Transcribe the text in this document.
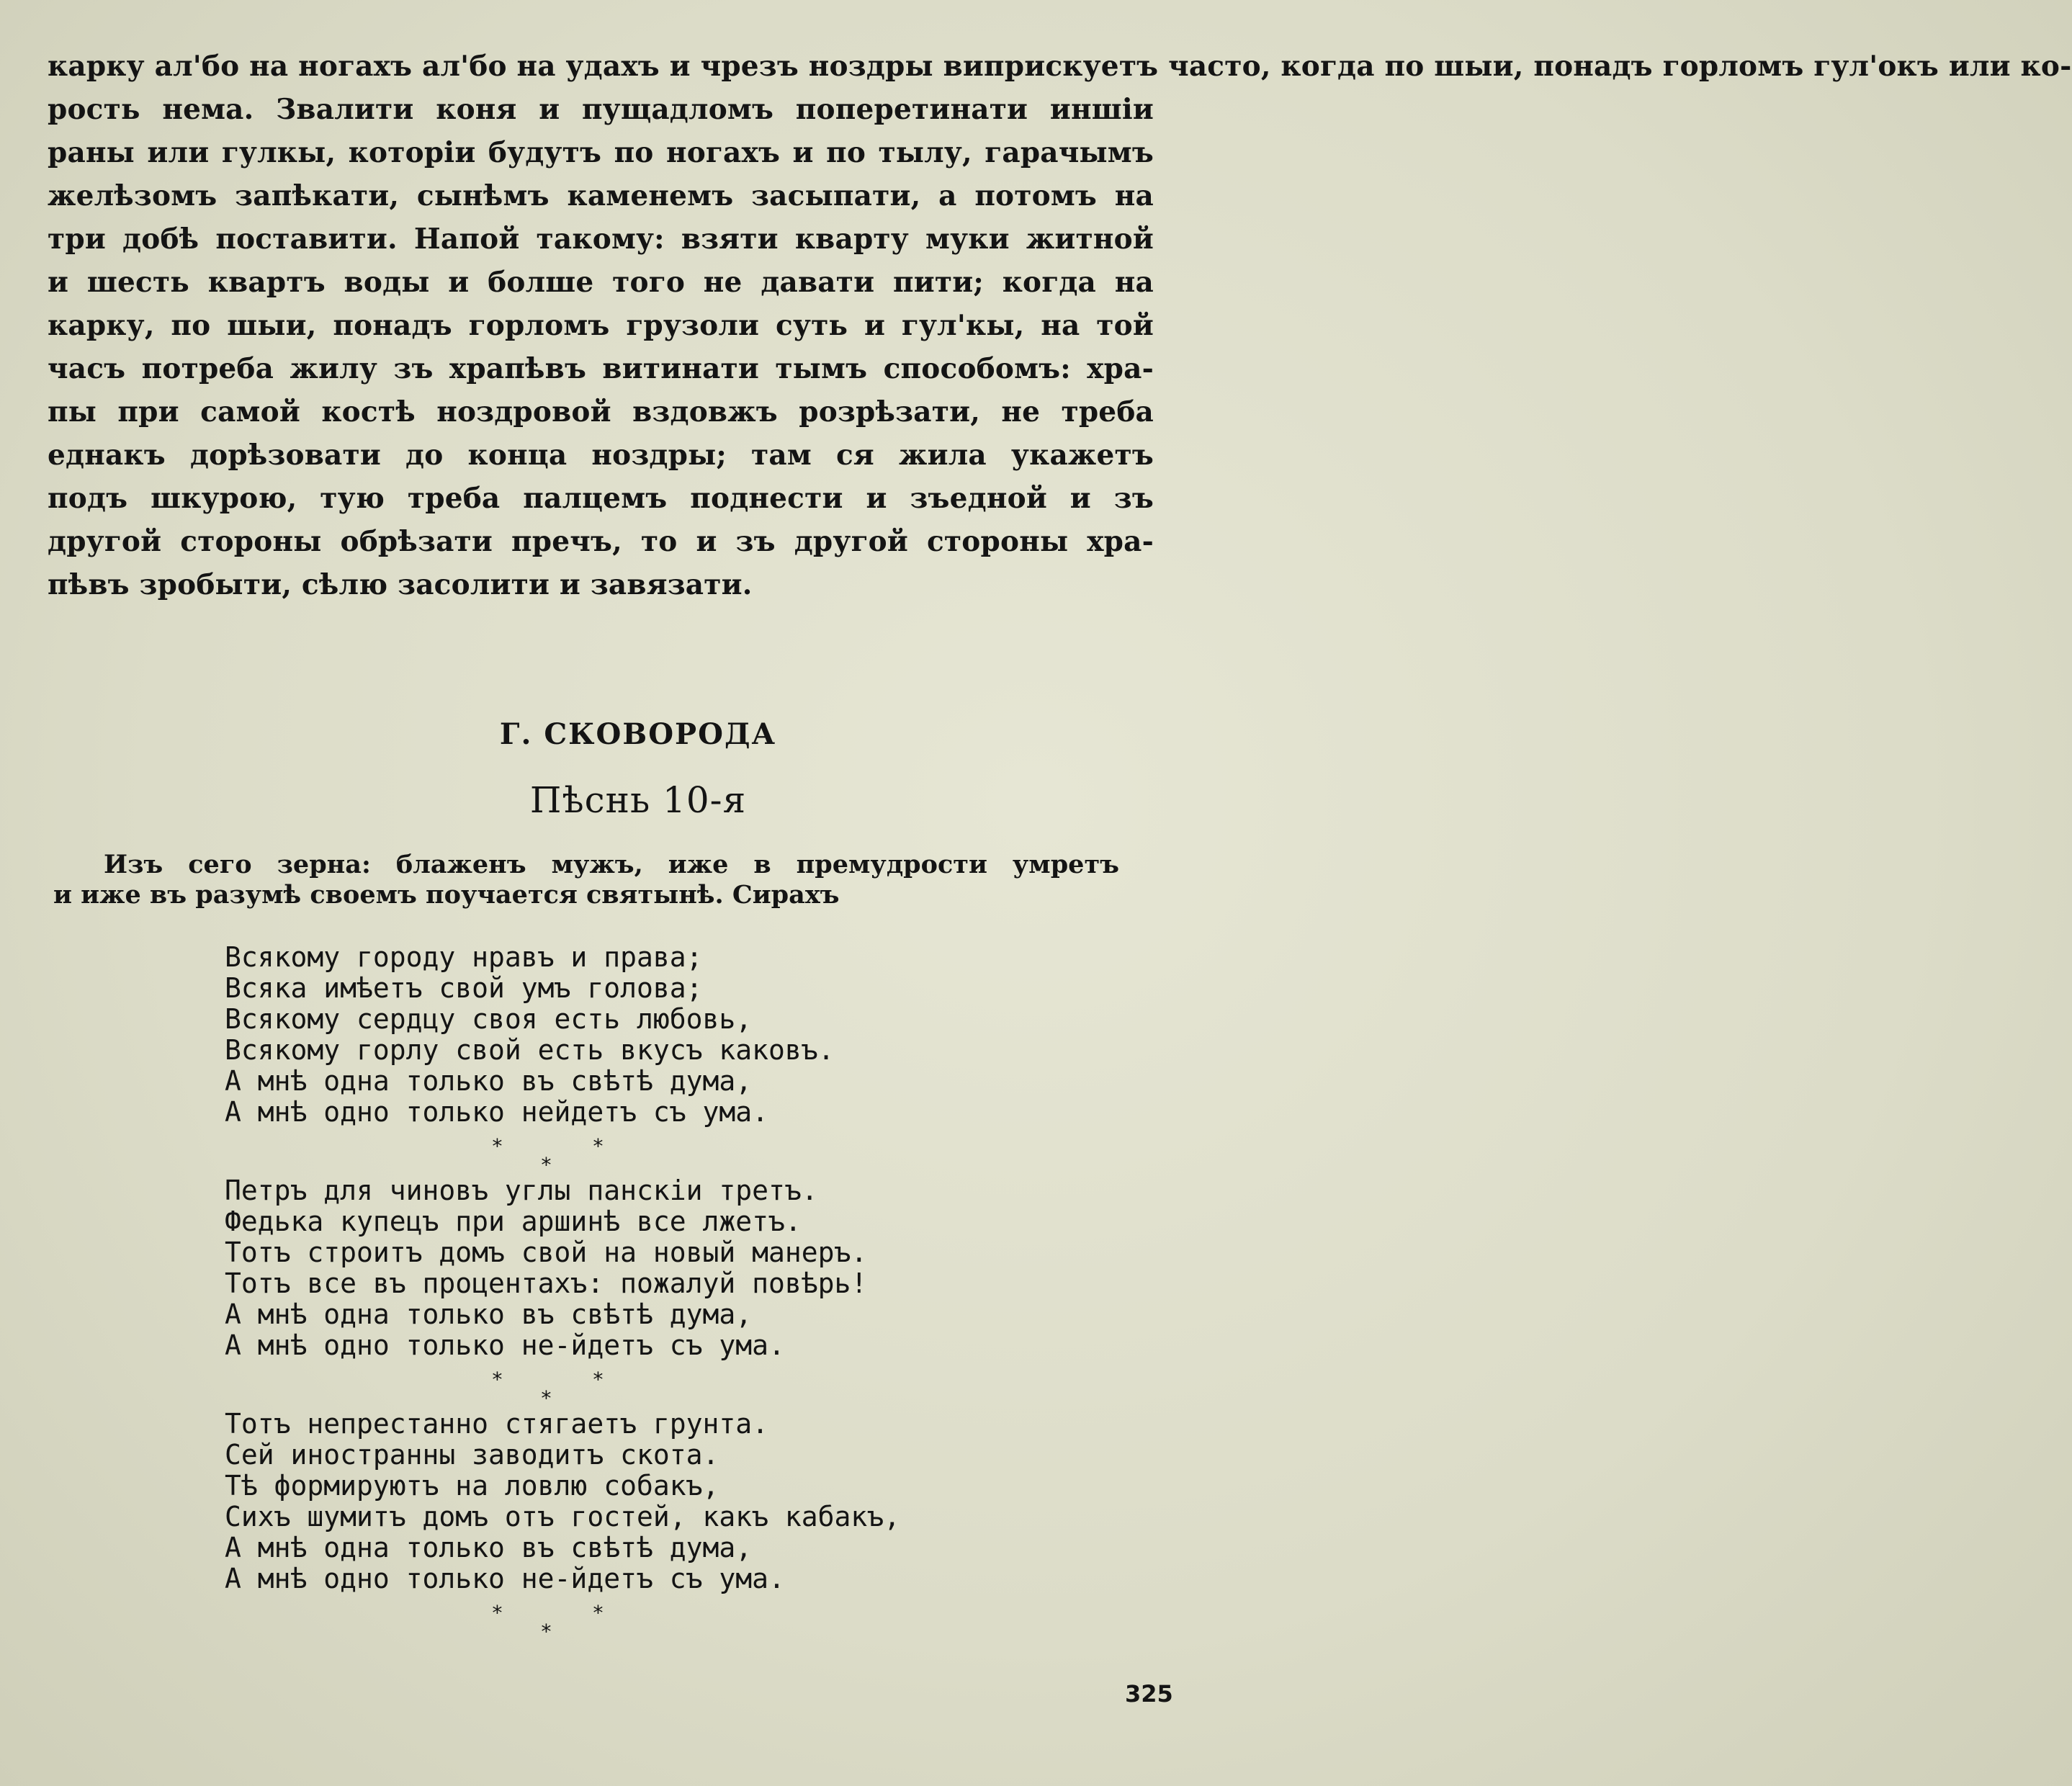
карку ал'бо на ногахъ ал'бо на удахъ и чрезъ ноздры виприскуетъ часто, когда по шыи, понадъ горломъ гул'окъ или ко-
рость нема. Звалити коня и пущадломъ поперетинати иншіи
раны или гулкы, которіи будутъ по ногахъ и по тылу, гарачымъ
желѣзомъ запѣкати, сынѣмъ каменемъ засыпати, а потомъ на
три добѣ поставити. Напой такому: взяти кварту муки житной
и шесть квартъ воды и болше того не давати пити; когда на
карку, по шыи, понадъ горломъ грузоли суть и гул'кы, на той
часъ потреба жилу зъ храпѣвъ витинати тымъ способомъ: хра-
пы при самой костѣ ноздровой вздовжъ розрѣзати, не треба
еднакъ дорѣзовати до конца ноздры; там ся жила укажетъ
подъ шкурою, тую треба палцемъ поднести и зъедной и зъ
другой стороны обрѣзати пречъ, то и зъ другой стороны хра-
пѣвъ зробыти, сѣлю засолити и завязати.
Г. СКОВОРОДА
Пѣснь 10-я
Изъ сего зерна: блаженъ мужъ, иже в премудрости умретъ
и иже въ разумѣ своемъ поучается святынѣ. Сирахъ
Всякому городу нравъ и права;
Всяка имѣетъ свой умъ голова;
Всякому сердцу своя есть любовь,
Всякому горлу свой есть вкусъ каковъ.
А мнѣ одна только въ свѣтѣ дума,
А мнѣ одно только нейдетъ съ ума.
*	*
*
Петръ для чиновъ углы панскіи третъ.
Федька купецъ при аршинѣ все лжетъ.
Тотъ строитъ домъ свой на новый манеръ.
Тотъ все въ процентахъ: пожалуй повѣрь!
А мнѣ одна только въ свѣтѣ дума,
А мнѣ одно только не-йдетъ съ ума.
*	*
*
Тотъ непрестанно стягаетъ грунта.
Сей иностранны заводитъ скота.
Тѣ формируютъ на ловлю собакъ,
Сихъ шумитъ домъ отъ гостей, какъ кабакъ,
А мнѣ одна только въ свѣтѣ дума,
А мнѣ одно только не-йдетъ съ ума.
*	*
*
325
